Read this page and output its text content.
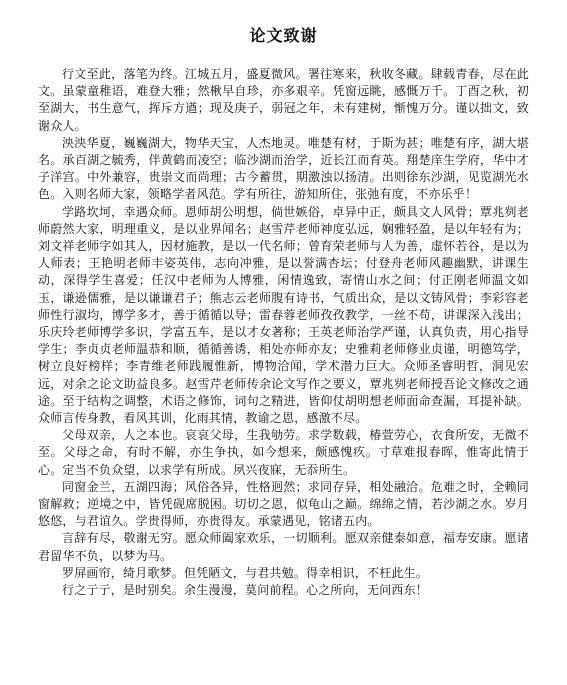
论文致谢

行文至此，落笔为终。江城五月，盛夏微风。署往寒来，秋收冬藏。肆载青春，尽在此文。虽蒙童稚语，难登大雅；然楸早自珍，亦多艰辛。凭窗远眺，感慨万千。丁酉之秋，初至湖大，书生意气，挥斥方遒；现及庚子，弱冠之年，未有建树，惭愧万分。谨以拙文，致谢众人。

泱泱华夏，巍巍湖大，物华天宝，人杰地灵。唯楚有材，于斯为甚；唯楚有序，湖大堪名。承百湖之毓秀，伴黄鹤而凌空；临沙湖而治学，近长江而育英。翔楚庠生学府，华中才子洋宫。中外兼容，贵崇文而尚理；古今蓄贯，期激浊以扬清。出则徐东沙湖，见览湖光水色。入则名师大家，领略学者风范。学有所往，游知所住，张弛有度，不亦乐乎！

学路坎坷，幸遇众师。恩师胡公明想，倘世嫉俗，卓异中正，颇具文人风骨；覃兆刿老师蔚然大家，明理重义，是以业界闻名；赵雪芹老师神度弘远，娴雅轻盈，是以年轻有为；刘文祥老师字如其人，因材施教，是以一代名师；曾育荣老师与人为善，虚怀若谷，是以为人师表；王艳明老师丰姿英伟，志向冲雅，是以誉满杏坛；付登舟老师风趣幽默，讲课生动，深得学生喜爱；任汉中老师为人博雅，闲情逸致，寄情山水之间；付正刚老师温文如玉，谦逊儒雅，是以谦谦君子；熊志云老师腹有诗书，气质出众，是以文铸风骨；李彩容老师性行淑均，博学多才，善于循循以导；雷春蓉老师孜孜教学，一丝不苟，讲课深入浅出；乐庆玲老师博学多识，学富五车，是以才女著称；王英老师治学严谨，认真负责，用心指导学生；李贞贞老师温恭和顺，循循善诱，相处亦师亦友；史雅莉老师修业贞谨，明德笃学，树立良好榜样；李青维老师践履惟新，博物洽闻，学术潜力巨大。众师圣睿明哲，洞见宏远，对余之论文助益良多。赵雪芹老师传余论文写作之要义，覃兆刿老师授吾论文修改之通途。至于结构之调整，术语之修饰，词句之精进，皆仰仗胡明想老师面命查漏，耳提补缺。众师言传身教，看风其训，化雨其情，教谕之恩，感激不尽。

父母双亲，人之本也。哀哀父母，生我劬劳。求学数载，椿萱劳心，衣食所安，无微不至。父母之命，有时不解，亦生争执，如今想来，颇感愧疚。寸草难报春晖，惟寄此情于心。定当不负众望，以求学有所成。夙兴夜寐，无忝所生。

同窗金兰，五湖四海；风俗各异，性格迥然；求同存异，相处融洽。危难之时，全赖同窗解救；逆境之中，皆凭砚席脱困。切切之恩，似龟山之巅。绵绵之情，若沙湖之水。岁月悠悠，与君谊久。学贵得师，亦贵得友。承蒙遇见，铭诸五内。

言辞有尽，敬谢无穷。愿众师阖家欢乐，一切顺利。愿双亲健泰如意，福寿安康。愿诸君留华不负，以梦为马。

罗屏画帘，绮月歌梦。但凭陋文，与君共勉。得幸相识，不枉此生。

行之亍亍，是时别矣。余生漫漫，莫问前程。心之所向，无问西东！
